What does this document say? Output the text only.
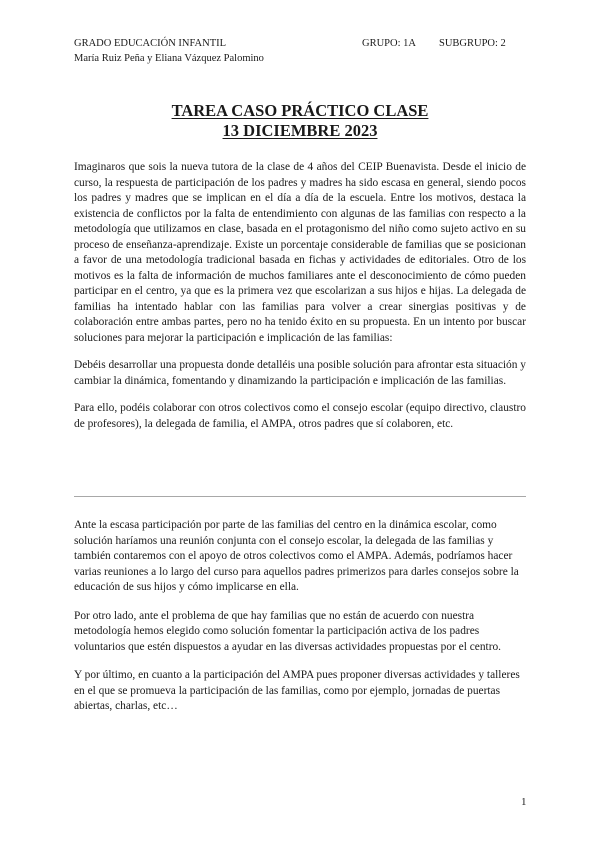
GRADO EDUCACIÓN INFANTIL	GRUPO: 1A SUBGRUPO: 2
María Ruiz Peña y Eliana Vázquez Palomino
TAREA CASO PRÁCTICO CLASE
13 DICIEMBRE 2023

Imaginaros que sois la nueva tutora de la clase de 4 años del CEIP Buenavista. Desde el inicio de curso, la respuesta de participación de los padres y madres ha sido escasa en general, siendo pocos los padres y madres que se implican en el día a día de la escuela. Entre los motivos, destaca la existencia de conflictos por la falta de entendimiento con algunas de las familias con respecto a la metodología que utilizamos en clase, basada en el protagonismo del niño como sujeto activo en su proceso de enseñanza-aprendizaje. Existe un porcentaje considerable de familias que se posicionan a favor de una metodología tradicional basada en fichas y actividades de editoriales. Otro de los motivos es la falta de información de muchos familiares ante el desconocimiento de cómo pueden participar en el centro, ya que es la primera vez que escolarizan a sus hijos e hijas. La delegada de familias ha intentado hablar con las familias para volver a crear sinergias positivas y de colaboración entre ambas partes, pero no ha tenido éxito en su propuesta. En un intento por buscar soluciones para mejorar la participación e implicación de las familias:

Debéis desarrollar una propuesta donde detalléis una posible solución para afrontar esta situación y cambiar la dinámica, fomentando y dinamizando la participación e implicación de las familias.

Para ello, podéis colaborar con otros colectivos como el consejo escolar (equipo directivo, claustro de profesores), la delegada de familia, el AMPA, otros padres que sí colaboren, etc.

Ante la escasa participación por parte de las familias del centro en la dinámica escolar, como solución haríamos una reunión conjunta con el consejo escolar, la delegada de las familias y también contaremos con el apoyo de otros colectivos como el AMPA. Además, podríamos hacer varias reuniones a lo largo del curso para aquellos padres primerizos para darles consejos sobre la educación de sus hijos y cómo implicarse en ella.

Por otro lado, ante el problema de que hay familias que no están de acuerdo con nuestra metodología hemos elegido como solución fomentar la participación activa de los padres voluntarios que estén dispuestos a ayudar en las diversas actividades propuestas por el centro.

Y por último, en cuanto a la participación del AMPA pues proponer diversas actividades y talleres en el que se promueva la participación de las familias, como por ejemplo, jornadas de puertas abiertas, charlas, etc…

1
